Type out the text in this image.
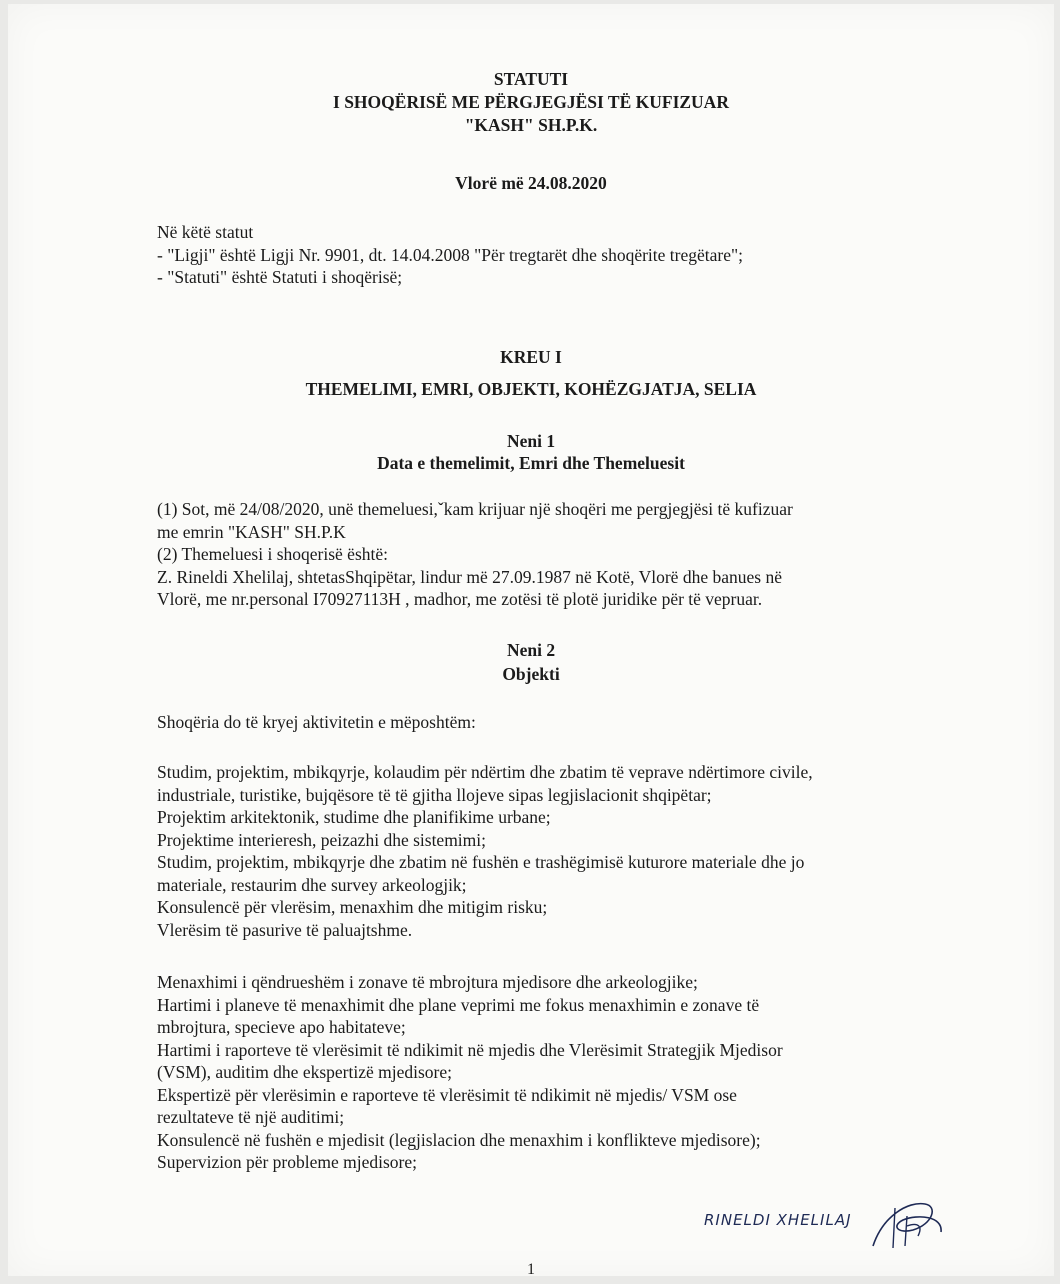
STATUTI
I SHOQËRISË ME PËRGJEGJËSI TË KUFIZUAR
"KASH" SH.P.K.
Vlorë më 24.08.2020
Në këtë statut
- "Ligji" është Ligji Nr. 9901, dt. 14.04.2008 "Për tregtarët dhe shoqërite tregëtare";
- "Statuti" është Statuti i shoqërisë;
KREU I
THEMELIMI, EMRI, OBJEKTI, KOHËZGJATJA, SELIA
Neni 1
Data e themelimit, Emri dhe Themeluesit
(1) Sot, më 24/08/2020, unë themeluesi,ˇkam krijuar një shoqëri me pergjegjësi të kufizuar
me emrin "KASH" SH.P.K
(2) Themeluesi i shoqerisë është:
Z. Rineldi Xhelilaj, shtetasShqipëtar, lindur më 27.09.1987 në Kotë, Vlorë dhe banues në
Vlorë, me nr.personal I70927113H , madhor, me zotësi të plotë juridike për të vepruar.
Neni 2
Objekti
Shoqëria do të kryej aktivitetin e mëposhtëm:
Studim, projektim, mbikqyrje, kolaudim për ndërtim dhe zbatim të veprave ndërtimore civile,
industriale, turistike, bujqësore të të gjitha llojeve sipas legjislacionit shqipëtar;
Projektim arkitektonik, studime dhe planifikime urbane;
Projektime interieresh, peizazhi dhe sistemimi;
Studim, projektim, mbikqyrje dhe zbatim në fushën e trashëgimisë kuturore materiale dhe jo
materiale, restaurim dhe survey arkeologjik;
Konsulencë për vlerësim, menaxhim dhe mitigim risku;
Vlerësim të pasurive të paluajtshme.
Menaxhimi i qëndrueshëm i zonave të mbrojtura mjedisore dhe arkeologjike;
Hartimi i planeve të menaxhimit dhe plane veprimi me fokus menaxhimin e zonave të
mbrojtura, specieve apo habitateve;
Hartimi i raporteve të vlerësimit të ndikimit në mjedis dhe Vlerësimit Strategjik Mjedisor
(VSM), auditim dhe ekspertizë mjedisore;
Ekspertizë për vlerësimin e raporteve të vlerësimit të ndikimit në mjedis/ VSM ose
rezultateve të një auditimi;
Konsulencë në fushën e mjedisit (legjislacion dhe menaxhim i konflikteve mjedisore);
Supervizion për probleme mjedisore;
RINELDI XHELILAJ
1
